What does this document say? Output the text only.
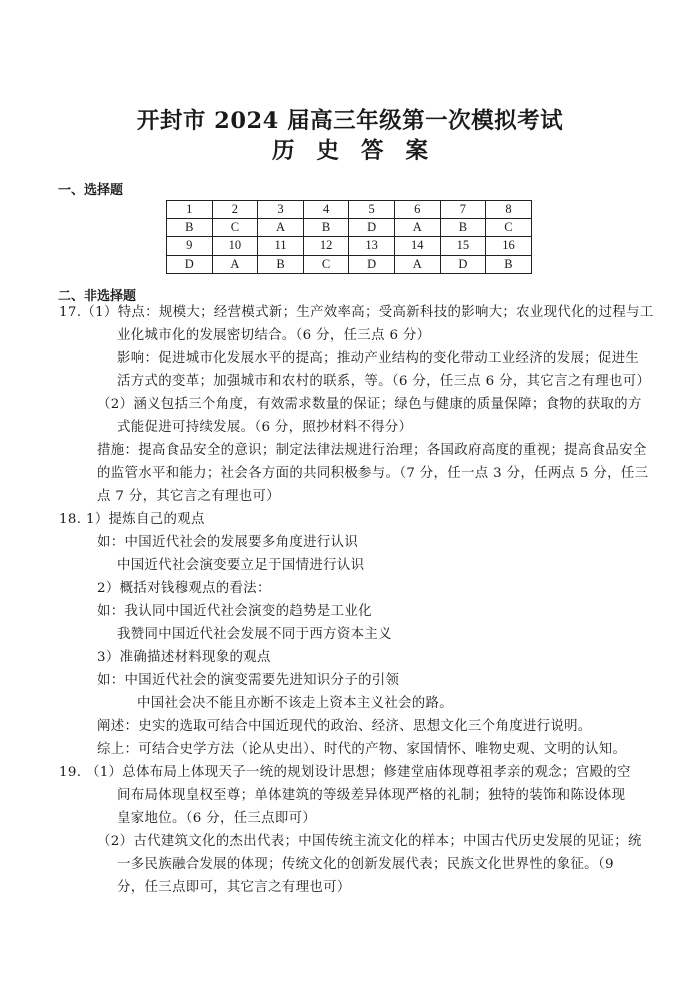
开封市 2024 届高三年级第一次模拟考试
历 史 答 案
一、选择题
1	2	3	4	5	6	7	8
B	C	A	B	D	A	B	C
9	10	11	12	13	14	15	16
D	A	B	C	D	A	D	B
二、非选择题
17.（1）特点：规模大；经营模式新；生产效率高；受高新科技的影响大；农业现代化的过程与工
业化城市化的发展密切结合。（6 分，任三点 6 分）
影响：促进城市化发展水平的提高；推动产业结构的变化带动工业经济的发展；促进生
活方式的变革；加强城市和农村的联系，等。（6 分，任三点 6 分，其它言之有理也可）
（2）涵义包括三个角度，有效需求数量的保证；绿色与健康的质量保障；食物的获取的方
式能促进可持续发展。（6 分，照抄材料不得分）
措施：提高食品安全的意识；制定法律法规进行治理；各国政府高度的重视；提高食品安全
的监管水平和能力；社会各方面的共同积极参与。（7 分，任一点 3 分，任两点 5 分，任三
点 7 分，其它言之有理也可）
18. 1）提炼自己的观点
如：中国近代社会的发展要多角度进行认识
中国近代社会演变要立足于国情进行认识
2）概括对钱穆观点的看法：
如：我认同中国近代社会演变的趋势是工业化
我赞同中国近代社会发展不同于西方资本主义
3）准确描述材料现象的观点
如：中国近代社会的演变需要先进知识分子的引领
中国社会决不能且亦断不该走上资本主义社会的路。
阐述：史实的选取可结合中国近现代的政治、经济、思想文化三个角度进行说明。
综上：可结合史学方法（论从史出）、时代的产物、家国情怀、唯物史观、文明的认知。
19. （1）总体布局上体现天子一统的规划设计思想；修建堂庙体现尊祖孝亲的观念；宫殿的空
间布局体现皇权至尊；单体建筑的等级差异体现严格的礼制；独特的装饰和陈设体现
皇家地位。（6 分，任三点即可）
（2）古代建筑文化的杰出代表；中国传统主流文化的样本；中国古代历史发展的见证；统
一多民族融合发展的体现；传统文化的创新发展代表；民族文化世界性的象征。（9
分，任三点即可，其它言之有理也可）
